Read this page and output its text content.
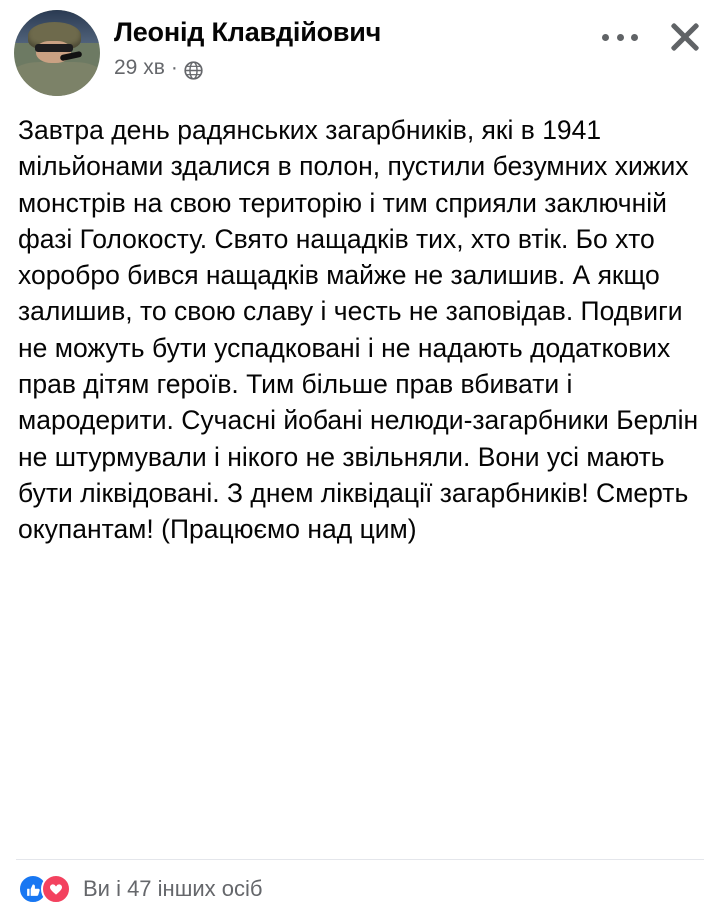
Леонід Клавдійович
29 хв ·

Завтра день радянських загарбників, які в 1941 мільйонами здалися в полон, пустили безумних хижих монстрів на свою територію і тим сприяли заключній фазі Голокосту. Свято нащадків тих, хто втік. Бо хто хоробро бився нащадків майже не залишив. А якщо залишив, то свою славу і честь не заповідав. Подвиги не можуть бути успадковані і не надають додаткових прав дітям героїв. Тим більше прав вбивати і мародерити. Сучасні йобані нелюди-загарбники Берлін не штурмували і нікого не звільняли. Вони усі мають бути ліквідовані. З днем ліквідації загарбників! Смерть окупантам! (Працюємо над цим)

Ви і 47 інших осіб
